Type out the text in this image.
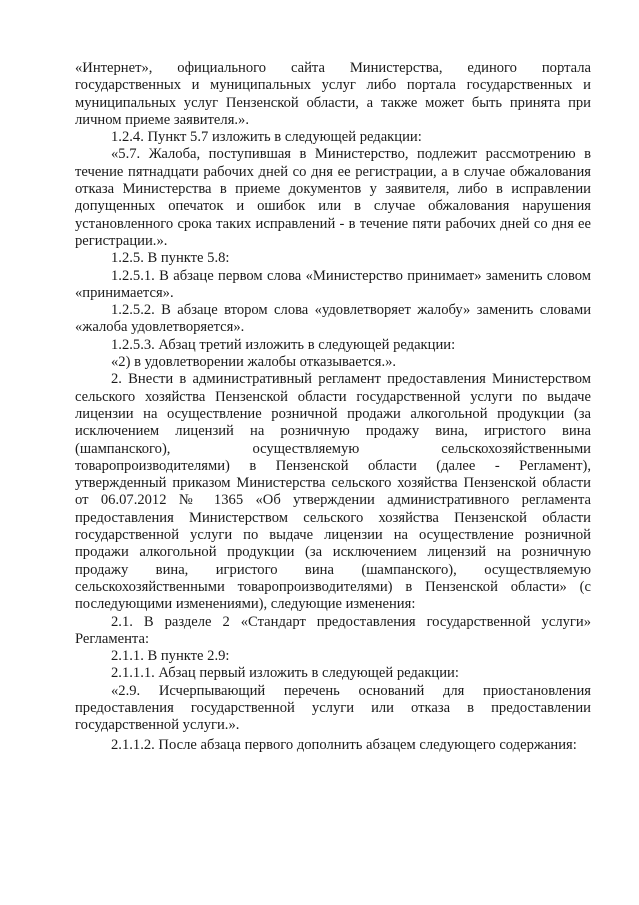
«Интернет», официального сайта Министерства, единого портала государственных и муниципальных услуг либо портала государственных и муниципальных услуг Пензенской области, а также может быть принята при личном приеме заявителя.».

1.2.4. Пункт 5.7 изложить в следующей редакции:

«5.7. Жалоба, поступившая в Министерство, подлежит рассмотрению в течение пятнадцати рабочих дней со дня ее регистрации, а в случае обжалования отказа Министерства в приеме документов у заявителя, либо в исправлении допущенных опечаток и ошибок или в случае обжалования нарушения установленного срока таких исправлений - в течение пяти рабочих дней со дня ее регистрации.».

1.2.5. В пункте 5.8:

1.2.5.1. В абзаце первом слова «Министерство принимает» заменить словом «принимается».

1.2.5.2. В абзаце втором слова «удовлетворяет жалобу» заменить словами «жалоба удовлетворяется».

1.2.5.3. Абзац третий изложить в следующей редакции:

«2) в удовлетворении жалобы отказывается.».

2. Внести в административный регламент предоставления Министерством сельского хозяйства Пензенской области государственной услуги по выдаче лицензии на осуществление розничной продажи алкогольной продукции (за исключением лицензий на розничную продажу вина, игристого вина (шампанского), осуществляемую сельскохозяйственными товаропроизводителями) в Пензенской области (далее - Регламент), утвержденный приказом Министерства сельского хозяйства Пензенской области от 06.07.2012 № 1365 «Об утверждении административного регламента предоставления Министерством сельского хозяйства Пензенской области государственной услуги по выдаче лицензии на осуществление розничной продажи алкогольной продукции (за исключением лицензий на розничную продажу вина, игристого вина (шампанского), осуществляемую сельскохозяйственными товаропроизводителями) в Пензенской области» (с последующими изменениями), следующие изменения:

2.1. В разделе 2 «Стандарт предоставления государственной услуги» Регламента:

2.1.1. В пункте 2.9:

2.1.1.1. Абзац первый изложить в следующей редакции:

«2.9. Исчерпывающий перечень оснований для приостановления предоставления государственной услуги или отказа в предоставлении государственной услуги.».

2.1.1.2. После абзаца первого дополнить абзацем следующего содержания:
